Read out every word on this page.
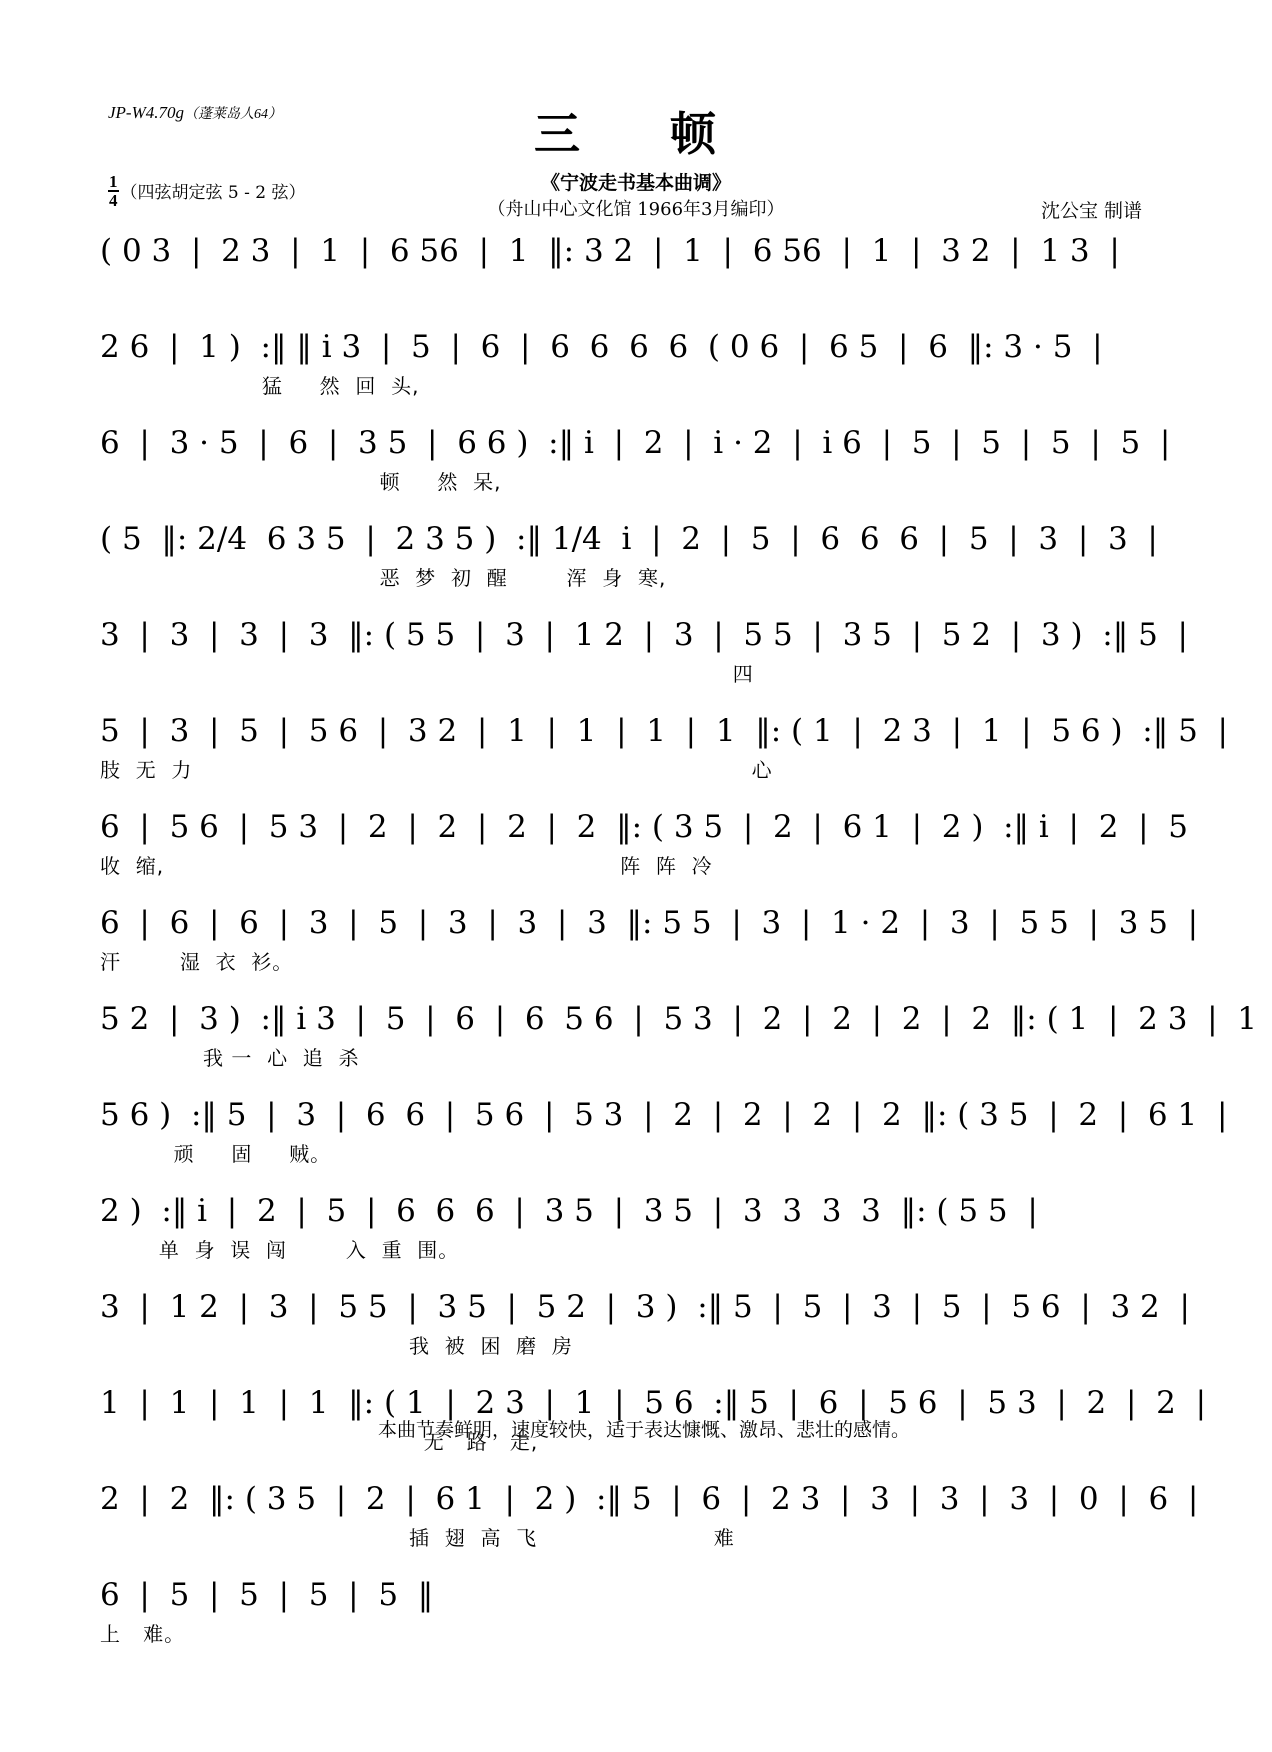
JP-W4.70g（蓬莱岛人64）	三　顿
《宁波走书基本曲调》
（舟山中心文化馆 1966年3月编印）	沈公宝 制谱
$\frac{1}{4}$ （四弦胡定弦 5 - 2 弦）
( 0 3  |  2 3  |  1  |  6 56  |  1  ‖: 3 2  |  1  |  6 56  |  1  |  3 2  |  1 3  |
2 6  |  1 )  :‖ ‖ i 3  |  5  |  6  |  6  6  6  6  ( 0 6  |  6 5  |  6  ‖: 3 · 5  |
猛     然  回  头,
6  |  3 · 5  |  6  |  3 5  |  6 6 )  :‖ i  |  2  |  i · 2  |  i 6  |  5  |  5  |  5  |  5  |
顿     然  呆,
( 5  ‖: 2/4  6 3 5  |  2 3 5 )  :‖ 1/4  i  |  2  |  5  |  6  6  6  |  5  |  3  |  3  |
恶  梦  初  醒        浑  身  寒,
3  |  3  |  3  |  3  ‖: ( 5 5  |  3  |  1 2  |  3  |  5 5  |  3 5  |  5 2  |  3 )  :‖ 5  |
四
5  |  3  |  5  |  5 6  |  3 2  |  1  |  1  |  1  |  1  ‖: ( 1  |  2 3  |  1  |  5 6 )  :‖ 5  |
肢  无  力                                                                            心
6  |  5 6  |  5 3  |  2  |  2  |  2  |  2  ‖: ( 3 5  |  2  |  6 1  |  2 )  :‖ i  |  2  |  5
收  缩,                                                              阵  阵  冷
6  |  6  |  6  |  3  |  5  |  3  |  3  |  3  ‖: 5 5  |  3  |  1 · 2  |  3  |  5 5  |  3 5  |
汗        湿  衣  衫。
5 2  |  3 )  :‖ i 3  |  5  |  6  |  6  5 6  |  5 3  |  2  |  2  |  2  |  2  ‖: ( 1  |  2 3  |  1
我 一  心  追  杀
5 6 )  :‖ 5  |  3  |  6  6  |  5 6  |  5 3  |  2  |  2  |  2  |  2  ‖: ( 3 5  |  2  |  6 1  |
顽     固     贼。
2 )  :‖ i  |  2  |  5  |  6  6  6  |  3 5  |  3 5  |  3  3  3  3  ‖: ( 5 5  |
单  身  误  闯        入  重  围。
3  |  1 2  |  3  |  5 5  |  3 5  |  5 2  |  3 )  :‖ 5  |  5  |  3  |  5  |  5 6  |  3 2  |
我  被  困  磨  房
1  |  1  |  1  |  1  ‖: ( 1  |  2 3  |  1  |  5 6  :‖ 5  |  6  |  5 6  |  5 3  |  2  |  2  |
无   路   走,
2  |  2  ‖: ( 3 5  |  2  |  6 1  |  2 )  :‖ 5  |  6  |  2 3  |  3  |  3  |  3  |  0  |  6  |
插  翅  高  飞                        难
6  |  5  |  5  |  5  |  5  ‖
上   难。
本曲节奏鲜明，速度较快，适于表达慷慨、激昂、悲壮的感情。
